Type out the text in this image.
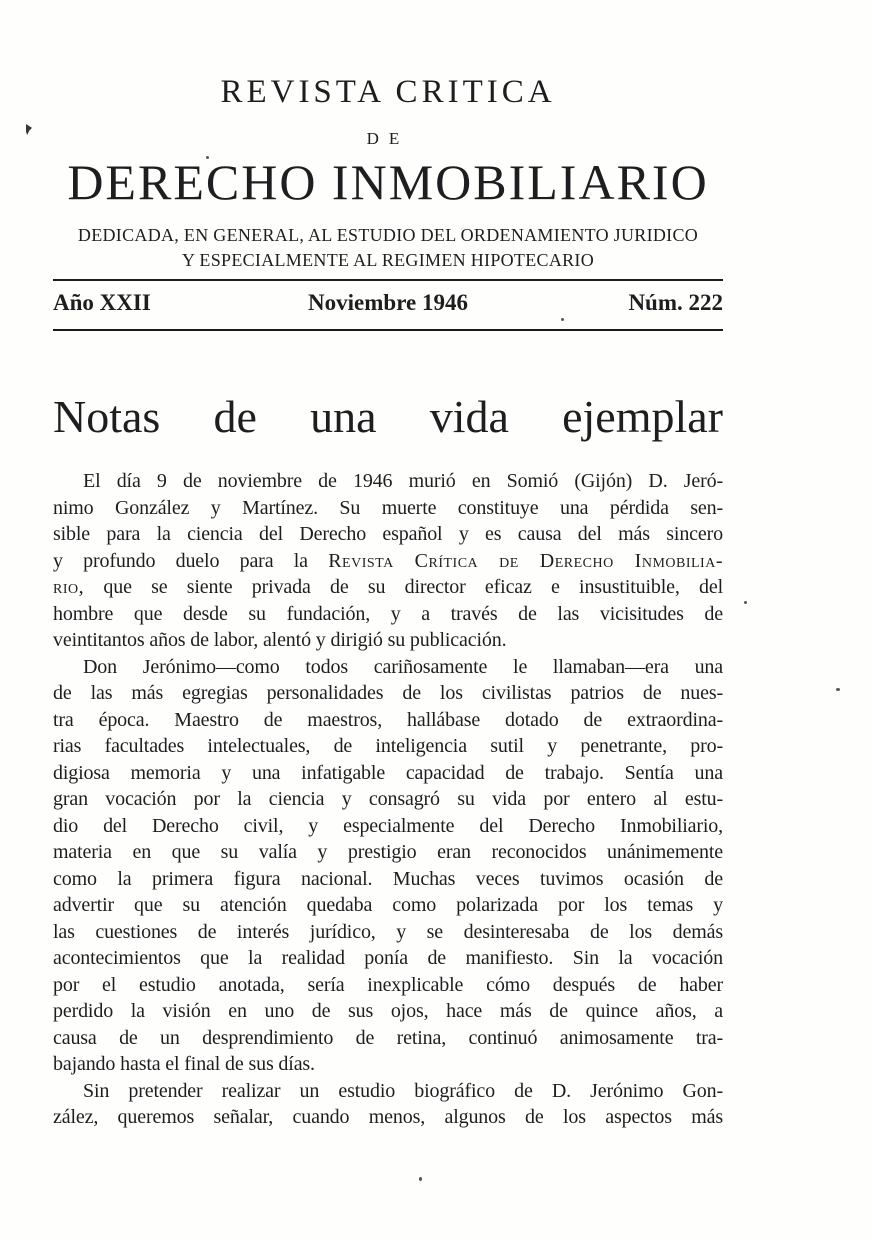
REVISTA CRITICA
DE
DERECHO INMOBILIARIO
DEDICADA, EN GENERAL, AL ESTUDIO DEL ORDENAMIENTO JURIDICO
Y ESPECIALMENTE AL REGIMEN HIPOTECARIO
Año XXII	Noviembre 1946	Núm. 222
Notas de una vida ejemplar
El día 9 de noviembre de 1946 murió en Somió (Gijón) D. Jeró-
nimo González y Martínez. Su muerte constituye una pérdida sen-
sible para la ciencia del Derecho español y es causa del más sincero
y profundo duelo para la Revista Crítica de Derecho Inmobilia-
rio, que se siente privada de su director eficaz e insustituible, del
hombre que desde su fundación, y a través de las vicisitudes de
veintitantos años de labor, alentó y dirigió su publicación.
Don Jerónimo—como todos cariñosamente le llamaban—era una
de las más egregias personalidades de los civilistas patrios de nues-
tra época. Maestro de maestros, hallábase dotado de extraordina-
rias facultades intelectuales, de inteligencia sutil y penetrante, pro-
digiosa memoria y una infatigable capacidad de trabajo. Sentía una
gran vocación por la ciencia y consagró su vida por entero al estu-
dio del Derecho civil, y especialmente del Derecho Inmobiliario,
materia en que su valía y prestigio eran reconocidos unánimemente
como la primera figura nacional. Muchas veces tuvimos ocasión de
advertir que su atención quedaba como polarizada por los temas y
las cuestiones de interés jurídico, y se desinteresaba de los demás
acontecimientos que la realidad ponía de manifiesto. Sin la vocación
por el estudio anotada, sería inexplicable cómo después de haber
perdido la visión en uno de sus ojos, hace más de quince años, a
causa de un desprendimiento de retina, continuó animosamente tra-
bajando hasta el final de sus días.
Sin pretender realizar un estudio biográfico de D. Jerónimo Gon-
zález, queremos señalar, cuando menos, algunos de los aspectos más
